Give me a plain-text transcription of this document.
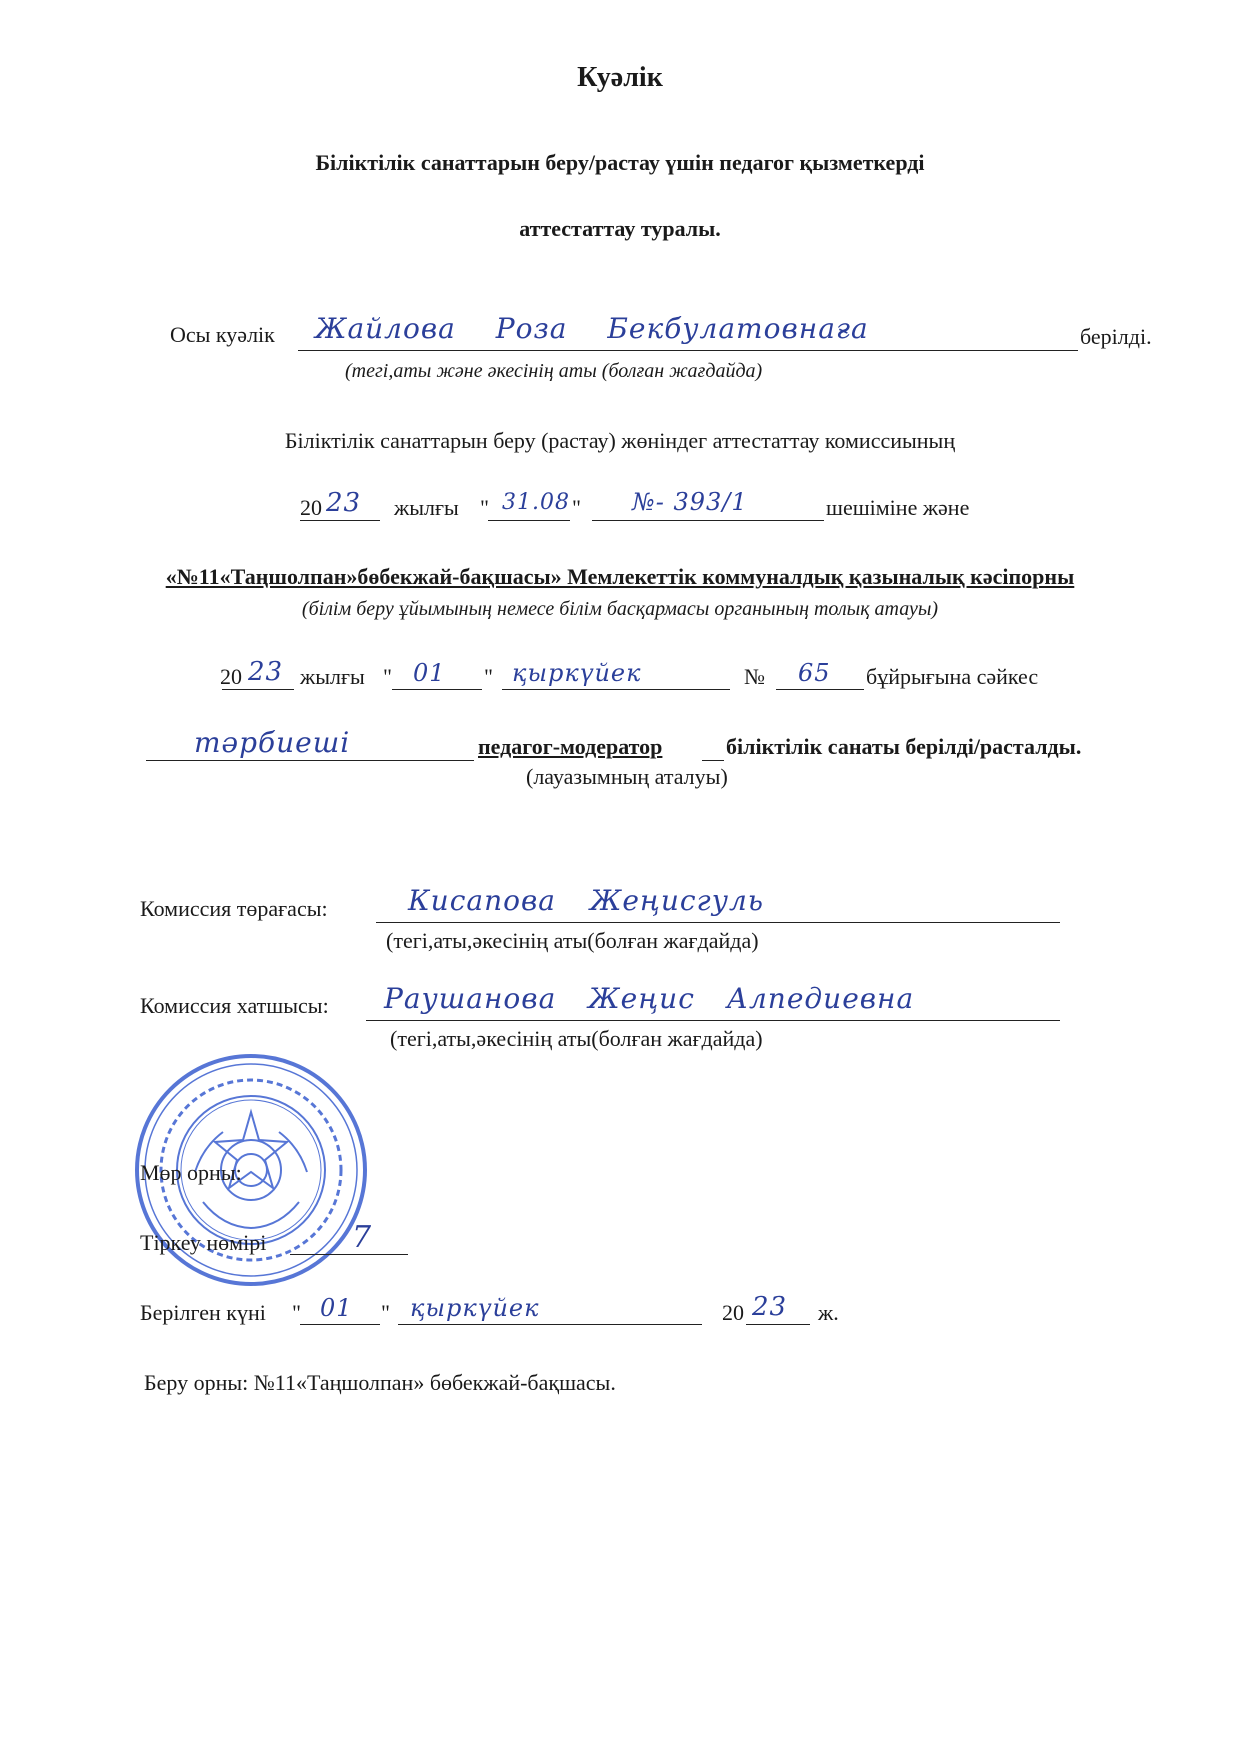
Куәлік
Біліктілік санаттарын беру/растау үшін педагог қызметкерді
аттестаттау туралы.
Осы куәлік Жайлова Роза Бекбулатовнаға	берілді.
(тегі,аты және әкесінің аты (болған жағдайда)
Біліктілік санаттарын беру (растау) жөніндег аттестаттау комиссиының
20 23 жылғы " 31.08 " №- 393/1	шешіміне және
«№11«Таңшолпан»бөбекжай-бақшасы» Мемлекеттік коммуналдық қазыналық кәсіпорны
(білім беру ұйымының немесе білім басқармасы органының толық атауы)
20 23 жылғы " 01 " қыркүйек	№ 65 бұйрығына сәйкес
тәрбиеші	педагог-модератор	біліктілік санаты берілді/расталды.
(лауазымның аталуы)
Комиссия төрағасы:	Кисапова Жеңисгуль
(тегі,аты,әкесінің аты(болған жағдайда)
Комиссия хатшысы: Раушанова Жеңис Алпедиевна
(тегі,аты,әкесінің аты(болған жағдайда)
Мөр орны:
Тіркеу нөмірі	7
Берілген күні " 01 " қыркүйек	20 23 ж.
Беру орны: №11«Таңшолпан» бөбекжай-бақшасы.
